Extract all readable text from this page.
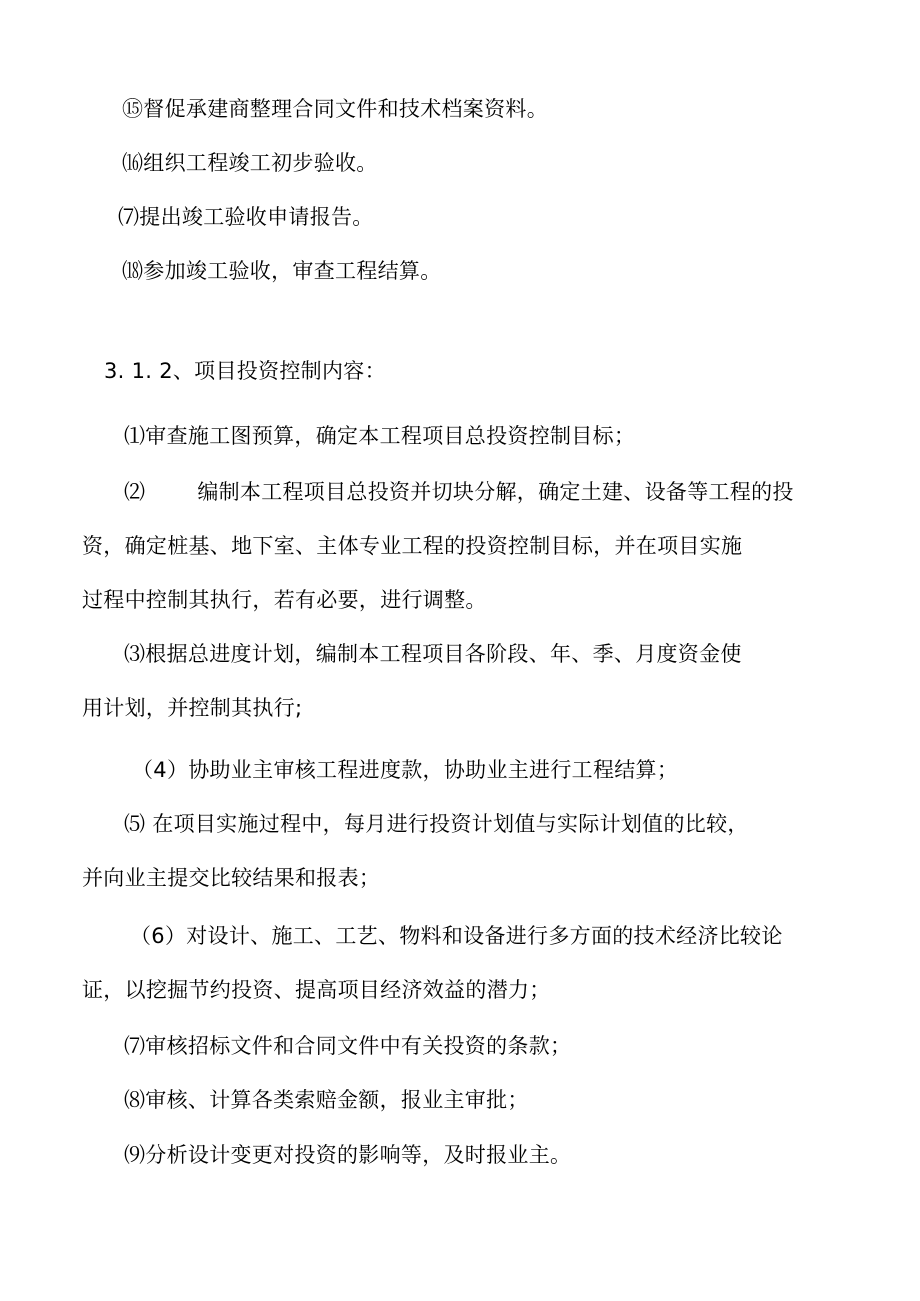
⑮督促承建商整理合同文件和技术档案资料。

⒃组织工程竣工初步验收。

⑺提出竣工验收申请报告。

⒅参加竣工验收，审查工程结算。

3. 1. 2、项目投资控制内容：

⑴审查施工图预算，确定本工程项目总投资控制目标；

⑵ 编制本工程项目总投资并切块分解，确定土建、设备等工程的投

资，确定桩基、地下室、主体专业工程的投资控制目标，并在项目实施

过程中控制其执行，若有必要，进行调整。

⑶根据总进度计划，编制本工程项目各阶段、年、季、月度资金使

用计划，并控制其执行;

（4）协助业主审核工程进度款，协助业主进行工程结算；

⑸ 在项目实施过程中，每月进行投资计划值与实际计划值的比较，

并向业主提交比较结果和报表；

（6）对设计、施工、工艺、物料和设备进行多方面的技术经济比较论

证，以挖掘节约投资、提高项目经济效益的潜力；

⑺审核招标文件和合同文件中有关投资的条款；

⑻审核、计算各类索赔金额，报业主审批；

⑼分析设计变更对投资的影响等，及时报业主。
